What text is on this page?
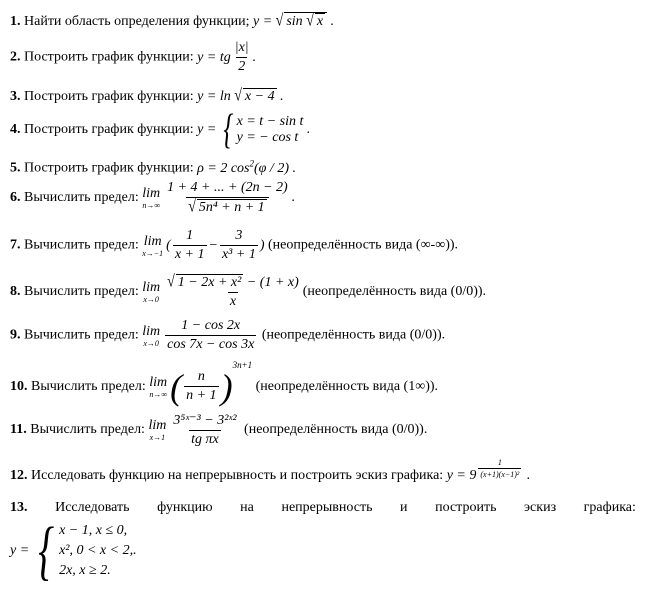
1. Найти область определения функции; y = √ sin √ x .
2. Построить график функции: y = tg $\frac{|x|}{2}$ .
3. Построить график функции: y = ln √ x − 4 .
4. Построить график функции: y =
{ x = t − sin t
y = − cos t

.
5. Построить график функции: ρ = 2 $\cos^2(\varphi / 2)$ .
6. Вычислить предел: lim
$n\to\infty \frac{1 + 4 + ... + (2n - 2)}{\text{√ 5n⁴ + n + 1}}$ .
7. Вычислить предел: lim
x→−1
( $\frac{1}{x + 1} - \frac{3}{\text{x³ + 1}}$ ) (неопределённость вида (∞-∞)).
8. Вычислить предел: lim
$x\to 0 \frac{\text{√ 1 − 2x + x² − (1 + x)}}{x}$ (неопределённость вида (0/0)).
9. Вычислить предел: lim
$x\to 0 \frac{1 - \cos 2x}{\cos 7x - \cos 3x}$ (неопределённость вида (0/0)).
10. Вычислить предел: lim
n→∞ ( $\frac{n}{n + 1} )^{3n+1}$ (неопределённость вида (1∞)).
11. Вычислить предел: lim
$x\to 1 \frac{\text{3⁵ˣ⁻³ − 3²ˣ²}}{\text{tg πx}}$ (неопределённость вида (0/0)).
12. Исследовать функцию на непрерывность и построить эскиз графика: $y = 9 \frac{1}{\text{(x+1)(x−1)²}}$ .
13. Исследовать функцию на непрерывность и построить эскиз графика:
y =
{ x − 1, x ≤ 0,
x², 0 < x < 2,.
2x, x ≥ 2.
